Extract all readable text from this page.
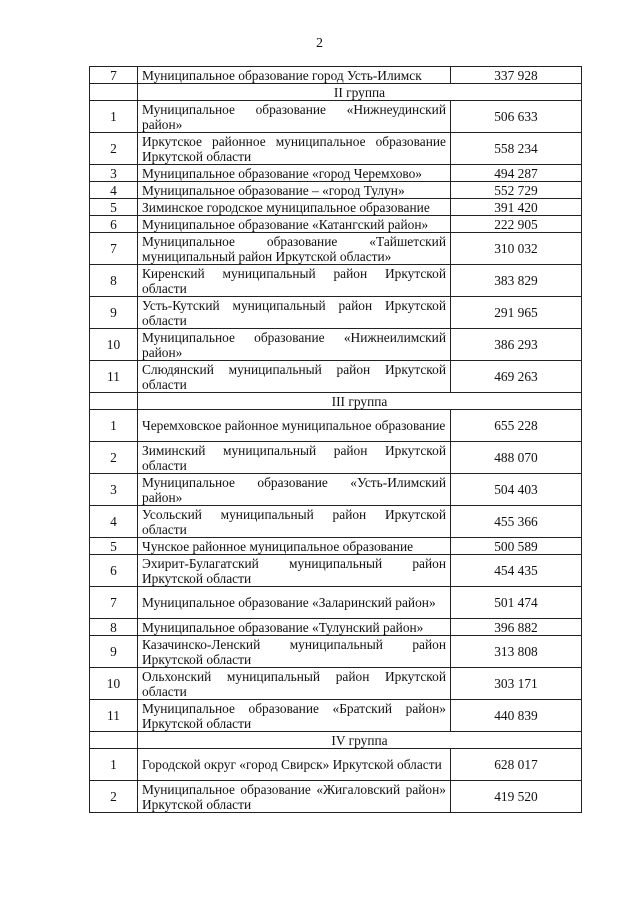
2
7	Муниципальное образование город Усть-Илимск	337 928
	II группа	
1	Муниципальное образование «Нижнеудинский район»	506 633
2	Иркутское районное муниципальное образование Иркутской области	558 234
3	Муниципальное образование «город Черемхово»	494 287
4	Муниципальное образование – «город Тулун»	552 729
5	Зиминское городское муниципальное образование	391 420
6	Муниципальное образование «Катангский район»	222 905
7	Муниципальное образование «Тайшетский муниципальный район Иркутской области»	310 032
8	Киренский муниципальный район Иркутской области	383 829
9	Усть-Кутский муниципальный район Иркутской области	291 965
10	Муниципальное образование «Нижнеилимский район»	386 293
11	Слюдянский муниципальный район Иркутской области	469 263
	III группа	
1	Черемховское районное муниципальное образование	655 228
2	Зиминский муниципальный район Иркутской области	488 070
3	Муниципальное образование «Усть-Илимский район»	504 403
4	Усольский муниципальный район Иркутской области	455 366
5	Чунское районное муниципальное образование	500 589
6	Эхирит-Булагатский муниципальный район Иркутской области	454 435
7	Муниципальное образование «Заларинский район»	501 474
8	Муниципальное образование «Тулунский район»	396 882
9	Казачинско-Ленский муниципальный район Иркутской области	313 808
10	Ольхонский муниципальный район Иркутской области	303 171
11	Муниципальное образование «Братский район» Иркутской области	440 839
	IV группа	
1	Городской округ «город Свирск» Иркутской области	628 017
2	Муниципальное образование «Жигаловский район» Иркутской области	419 520
